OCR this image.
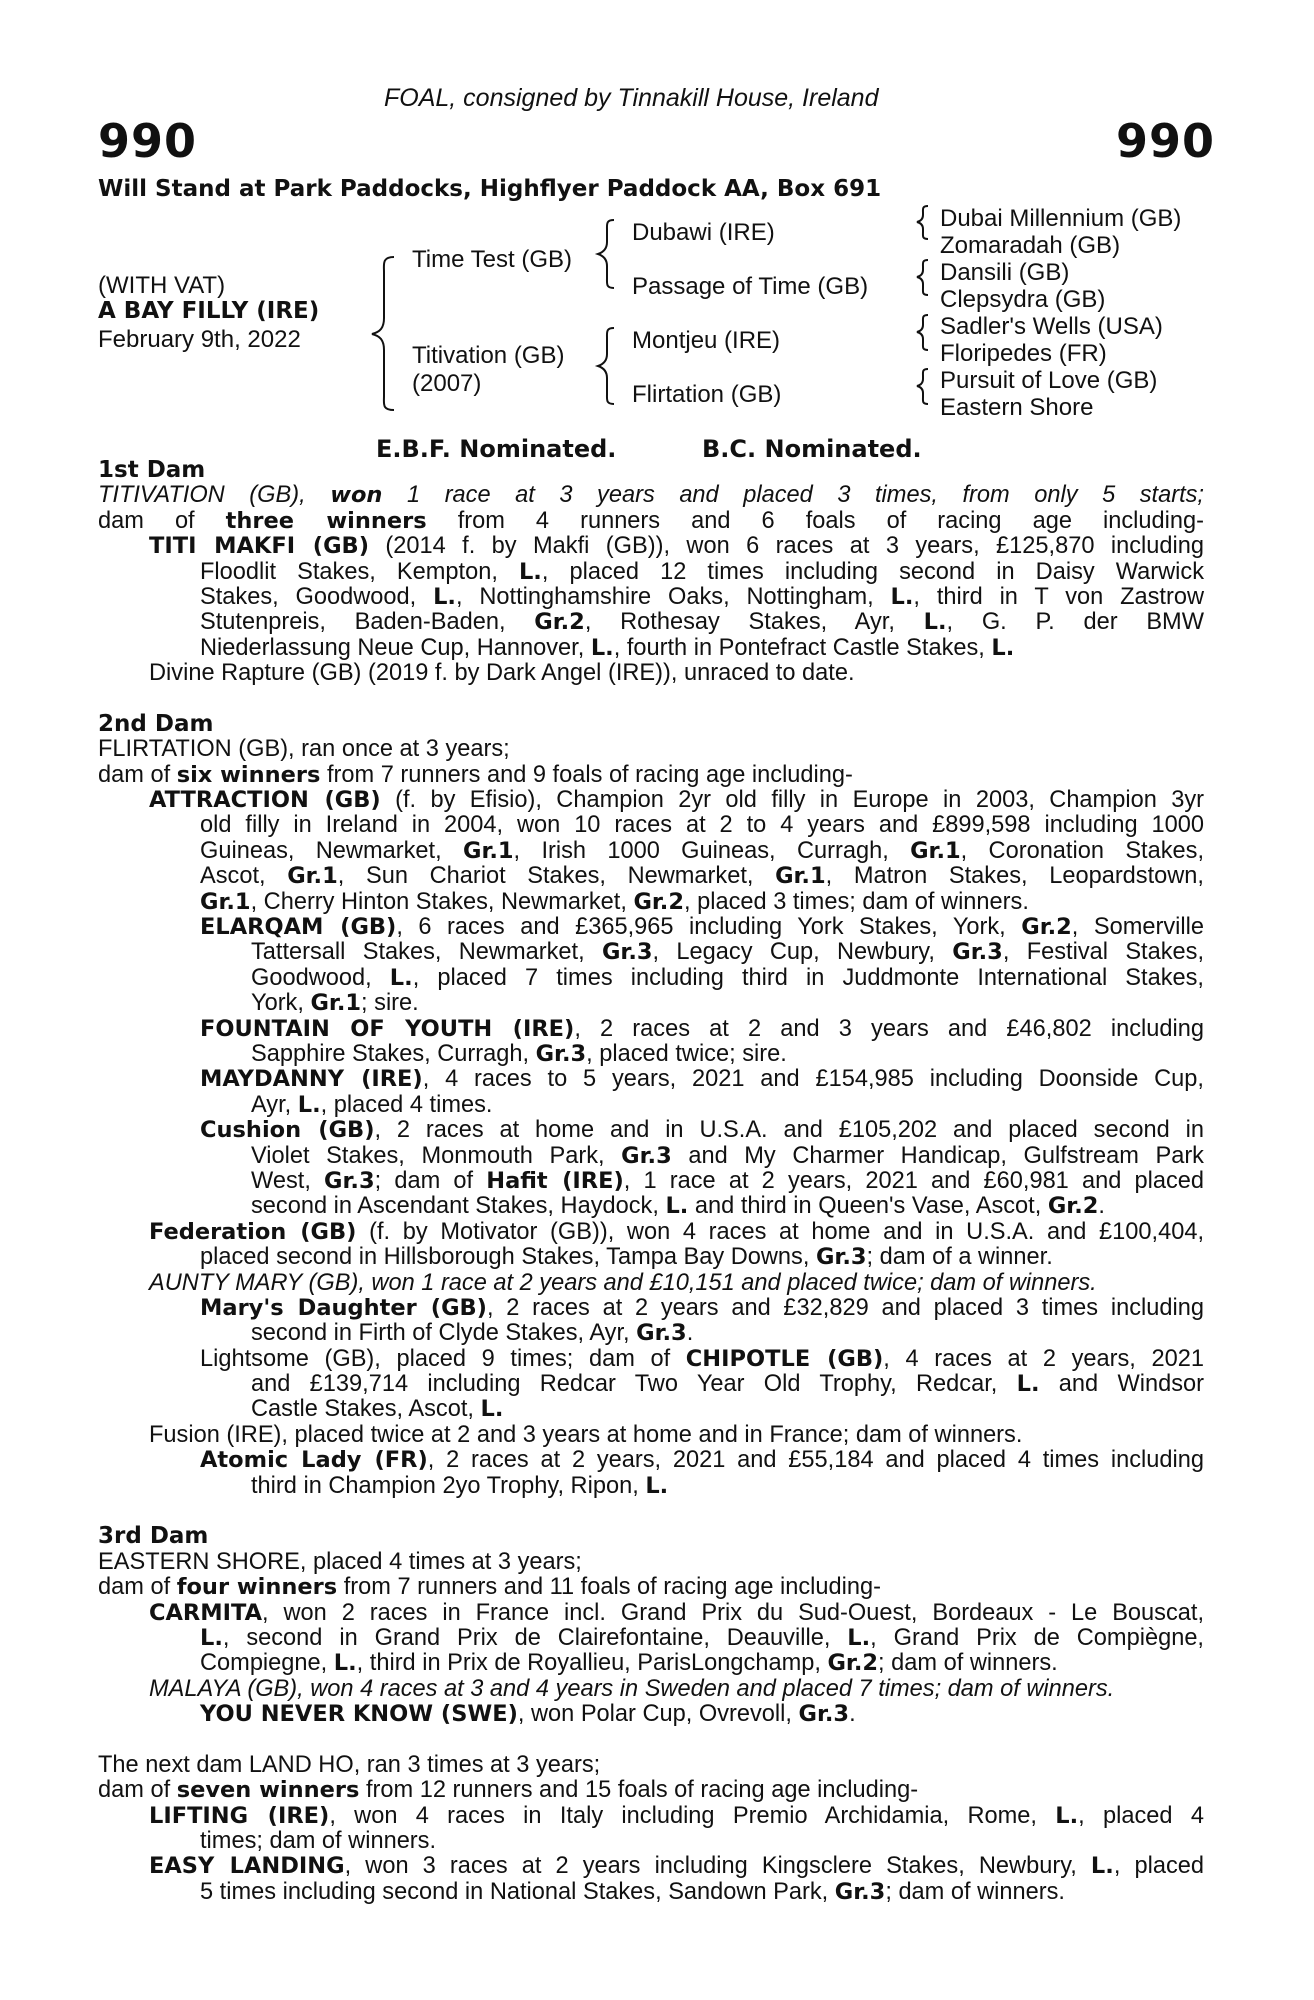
FOAL, consigned by Tinnakill House, Ireland
990	990
Will Stand at Park Paddocks, Highflyer Paddock AA, Box 691
(WITH VAT)
A BAY FILLY (IRE)
February 9th, 2022
Time Test (GB)
Titivation (GB)
(2007)
Dubawi (IRE)
Passage of Time (GB)
Montjeu (IRE)
Flirtation (GB)
Dubai Millennium (GB)
Zomaradah (GB)
Dansili (GB)
Clepsydra (GB)
Sadler's Wells (USA)
Floripedes (FR)
Pursuit of Love (GB)
Eastern Shore
E.B.F. Nominated.	B.C. Nominated.
1st Dam
TITIVATION (GB), won 1 race at 3 years and placed 3 times, from only 5 starts;
dam of three winners from 4 runners and 6 foals of racing age including-
TITI MAKFI (GB) (2014 f. by Makfi (GB)), won 6 races at 3 years, £125,870 including
Floodlit Stakes, Kempton, L., placed 12 times including second in Daisy Warwick
Stakes, Goodwood, L., Nottinghamshire Oaks, Nottingham, L., third in T von Zastrow
Stutenpreis, Baden-Baden, Gr.2, Rothesay Stakes, Ayr, L., G. P. der BMW
Niederlassung Neue Cup, Hannover, L., fourth in Pontefract Castle Stakes, L.
Divine Rapture (GB) (2019 f. by Dark Angel (IRE)), unraced to date.
2nd Dam
FLIRTATION (GB), ran once at 3 years;
dam of six winners from 7 runners and 9 foals of racing age including-
ATTRACTION (GB) (f. by Efisio), Champion 2yr old filly in Europe in 2003, Champion 3yr
old filly in Ireland in 2004, won 10 races at 2 to 4 years and £899,598 including 1000
Guineas, Newmarket, Gr.1, Irish 1000 Guineas, Curragh, Gr.1, Coronation Stakes,
Ascot, Gr.1, Sun Chariot Stakes, Newmarket, Gr.1, Matron Stakes, Leopardstown,
Gr.1, Cherry Hinton Stakes, Newmarket, Gr.2, placed 3 times; dam of winners.
ELARQAM (GB), 6 races and £365,965 including York Stakes, York, Gr.2, Somerville
Tattersall Stakes, Newmarket, Gr.3, Legacy Cup, Newbury, Gr.3, Festival Stakes,
Goodwood, L., placed 7 times including third in Juddmonte International Stakes,
York, Gr.1; sire.
FOUNTAIN OF YOUTH (IRE), 2 races at 2 and 3 years and £46,802 including
Sapphire Stakes, Curragh, Gr.3, placed twice; sire.
MAYDANNY (IRE), 4 races to 5 years, 2021 and £154,985 including Doonside Cup,
Ayr, L., placed 4 times.
Cushion (GB), 2 races at home and in U.S.A. and £105,202 and placed second in
Violet Stakes, Monmouth Park, Gr.3 and My Charmer Handicap, Gulfstream Park
West, Gr.3; dam of Hafit (IRE), 1 race at 2 years, 2021 and £60,981 and placed
second in Ascendant Stakes, Haydock, L. and third in Queen's Vase, Ascot, Gr.2.
Federation (GB) (f. by Motivator (GB)), won 4 races at home and in U.S.A. and £100,404,
placed second in Hillsborough Stakes, Tampa Bay Downs, Gr.3; dam of a winner.
AUNTY MARY (GB), won 1 race at 2 years and £10,151 and placed twice; dam of winners.
Mary's Daughter (GB), 2 races at 2 years and £32,829 and placed 3 times including
second in Firth of Clyde Stakes, Ayr, Gr.3.
Lightsome (GB), placed 9 times; dam of CHIPOTLE (GB), 4 races at 2 years, 2021
and £139,714 including Redcar Two Year Old Trophy, Redcar, L. and Windsor
Castle Stakes, Ascot, L.
Fusion (IRE), placed twice at 2 and 3 years at home and in France; dam of winners.
Atomic Lady (FR), 2 races at 2 years, 2021 and £55,184 and placed 4 times including
third in Champion 2yo Trophy, Ripon, L.
3rd Dam
EASTERN SHORE, placed 4 times at 3 years;
dam of four winners from 7 runners and 11 foals of racing age including-
CARMITA, won 2 races in France incl. Grand Prix du Sud-Ouest, Bordeaux - Le Bouscat,
L., second in Grand Prix de Clairefontaine, Deauville, L., Grand Prix de Compiègne,
Compiegne, L., third in Prix de Royallieu, ParisLongchamp, Gr.2; dam of winners.
MALAYA (GB), won 4 races at 3 and 4 years in Sweden and placed 7 times; dam of winners.
YOU NEVER KNOW (SWE), won Polar Cup, Ovrevoll, Gr.3.
The next dam LAND HO, ran 3 times at 3 years;
dam of seven winners from 12 runners and 15 foals of racing age including-
LIFTING (IRE), won 4 races in Italy including Premio Archidamia, Rome, L., placed 4
times; dam of winners.
EASY LANDING, won 3 races at 2 years including Kingsclere Stakes, Newbury, L., placed
5 times including second in National Stakes, Sandown Park, Gr.3; dam of winners.
